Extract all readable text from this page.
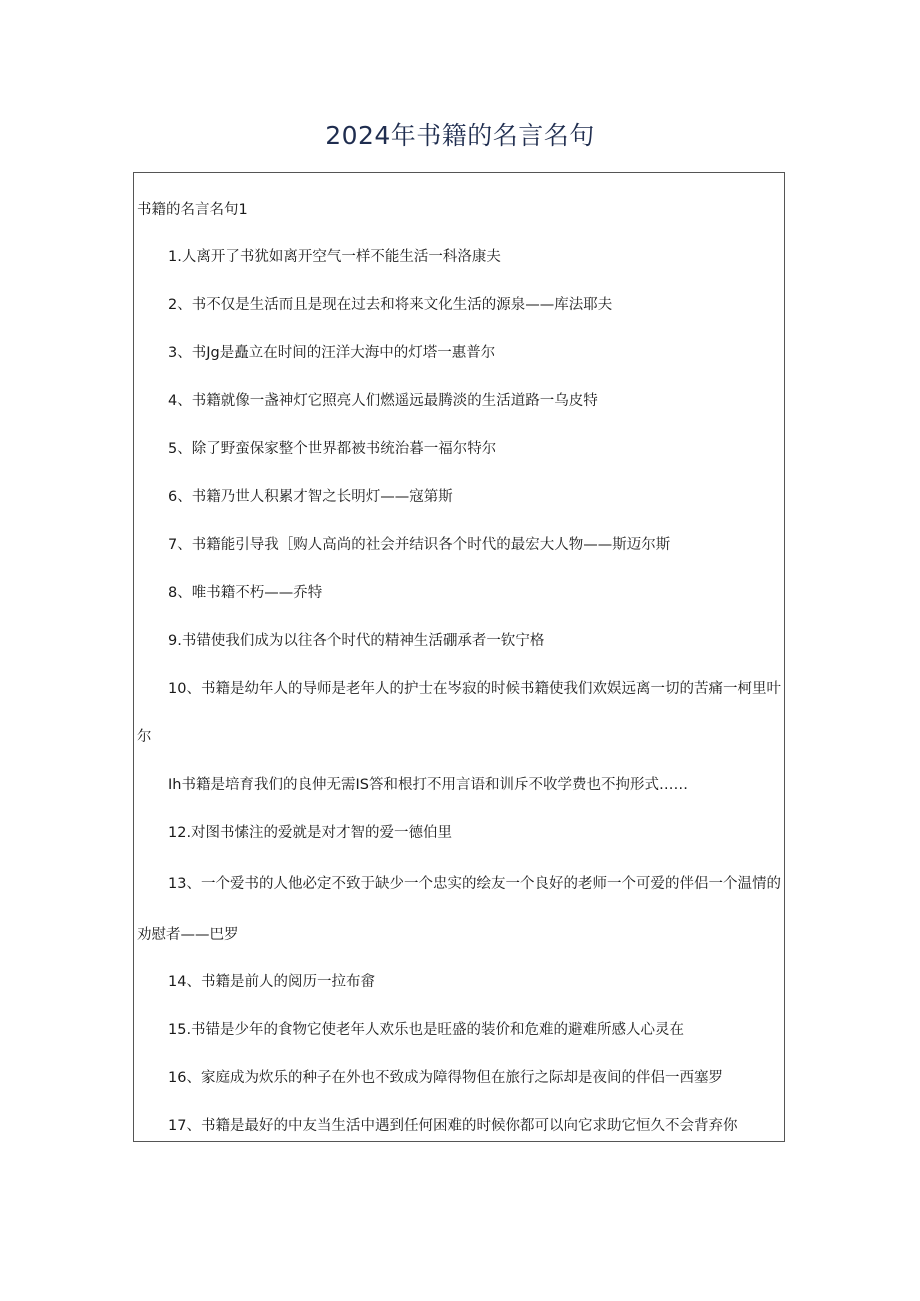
2024年书籍的名言名句
书籍的名言名句1
1.人离开了书犹如离开空气一样不能生活一科洛康夫
2、书不仅是生活而且是现在过去和将来文化生活的源泉——库法耶夫
3、书Jg是矗立在时间的汪洋大海中的灯塔一惠普尔
4、书籍就像一盏神灯它照亮人们燃遥远最腾淡的生活道路一乌皮特
5、除了野蛮保家整个世界都被书统治暮一福尔特尔
6、书籍乃世人积累才智之长明灯——寇第斯
7、书籍能引导我［购人高尚的社会并结识各个时代的最宏大人物——斯迈尔斯
8、唯书籍不朽——乔特
9.书错使我们成为以往各个时代的精神生活硼承者一钦宁格
10、书籍是幼年人的导师是老年人的护士在岑寂的时候书籍使我们欢娱远离一切的苦痛一柯里叶
尔
Ih书籍是培育我们的良伸无需IS答和根打不用言语和训斥不收学费也不拘形式……
12.对图书愫注的爱就是对才智的爱一德伯里
13、一个爱书的人他必定不致于缺少一个忠实的绘友一个良好的老师一个可爱的伴侣一个温情的
劝慰者——巴罗
14、书籍是前人的阅历一拉布畲
15.书错是少年的食物它使老年人欢乐也是旺盛的装价和危难的避难所感人心灵在
16、家庭成为炊乐的种子在外也不致成为障得物但在旅行之际却是夜间的伴侣一西塞罗
17、书籍是最好的中友当生活中遇到任何困难的时候你都可以向它求助它恒久不会背弃你
